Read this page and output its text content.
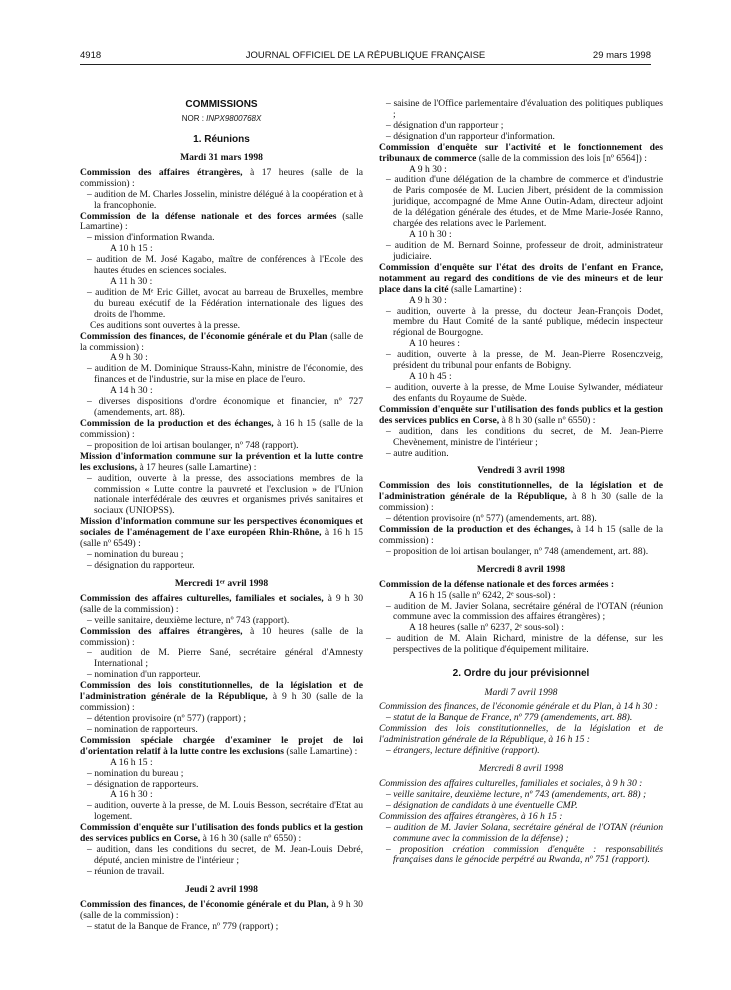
4918	JOURNAL OFFICIEL DE LA RÉPUBLIQUE FRANÇAISE	29 mars 1998
COMMISSIONS
NOR : INPX9800768X
1. Réunions
Mardi 31 mars 1998

Commission des affaires étrangères, à 17 heures (salle de la commission) :

– audition de M. Charles Josselin, ministre délégué à la coopération et à la francophonie.

Commission de la défense nationale et des forces armées (salle Lamartine) :

– mission d'information Rwanda.

A 10 h 15 :

– audition de M. José Kagabo, maître de conférences à l'Ecole des hautes études en sciences sociales.

A 11 h 30 :

– audition de Mᵉ Eric Gillet, avocat au barreau de Bruxelles, membre du bureau exécutif de la Fédération internationale des ligues des droits de l'homme.

Ces auditions sont ouvertes à la presse.

Commission des finances, de l'économie générale et du Plan (salle de la commission) :

A 9 h 30 :

– audition de M. Dominique Strauss-Kahn, ministre de l'économie, des finances et de l'industrie, sur la mise en place de l'euro.

A 14 h 30 :

– diverses dispositions d'ordre économique et financier, nº 727 (amendements, art. 88).

Commission de la production et des échanges, à 16 h 15 (salle de la commission) :

– proposition de loi artisan boulanger, nº 748 (rapport).

Mission d'information commune sur la prévention et la lutte contre les exclusions, à 17 heures (salle Lamartine) :

– audition, ouverte à la presse, des associations membres de la commission « Lutte contre la pauvreté et l'exclusion » de l'Union nationale interfédérale des œuvres et organismes privés sanitaires et sociaux (UNIOPSS).

Mission d'information commune sur les perspectives économiques et sociales de l'aménagement de l'axe européen Rhin-Rhône, à 16 h 15 (salle nº 6549) :

– nomination du bureau ;

– désignation du rapporteur.

Mercredi 1ᵉʳ avril 1998

Commission des affaires culturelles, familiales et sociales, à 9 h 30 (salle de la commission) :

– veille sanitaire, deuxième lecture, nº 743 (rapport).

Commission des affaires étrangères, à 10 heures (salle de la commission) :

– audition de M. Pierre Sané, secrétaire général d'Amnesty International ;

– nomination d'un rapporteur.

Commission des lois constitutionnelles, de la législation et de l'administration générale de la République, à 9 h 30 (salle de la commission) :

– détention provisoire (nº 577) (rapport) ;

– nomination de rapporteurs.

Commission spéciale chargée d'examiner le projet de loi d'orientation relatif à la lutte contre les exclusions (salle Lamartine) :

A 16 h 15 :

– nomination du bureau ;

– désignation de rapporteurs.

A 16 h 30 :

– audition, ouverte à la presse, de M. Louis Besson, secrétaire d'Etat au logement.

Commission d'enquête sur l'utilisation des fonds publics et la gestion des services publics en Corse, à 16 h 30 (salle nº 6550) :

– audition, dans les conditions du secret, de M. Jean-Louis Debré, député, ancien ministre de l'intérieur ;

– réunion de travail.

Jeudi 2 avril 1998

Commission des finances, de l'économie générale et du Plan, à 9 h 30 (salle de la commission) :

– statut de la Banque de France, nº 779 (rapport) ;

– saisine de l'Office parlementaire d'évaluation des politiques publiques ;

– désignation d'un rapporteur ;

– désignation d'un rapporteur d'information.

Commission d'enquête sur l'activité et le fonctionnement des tribunaux de commerce (salle de la commission des lois [nº 6564]) :

A 9 h 30 :

– audition d'une délégation de la chambre de commerce et d'industrie de Paris composée de M. Lucien Jibert, président de la commission juridique, accompagné de Mme Anne Outin-Adam, directeur adjoint de la délégation générale des études, et de Mme Marie-Josée Ranno, chargée des relations avec le Parlement.

A 10 h 30 :

– audition de M. Bernard Soinne, professeur de droit, administrateur judiciaire.

Commission d'enquête sur l'état des droits de l'enfant en France, notamment au regard des conditions de vie des mineurs et de leur place dans la cité (salle Lamartine) :

A 9 h 30 :

– audition, ouverte à la presse, du docteur Jean-François Dodet, membre du Haut Comité de la santé publique, médecin inspecteur régional de Bourgogne.

A 10 heures :

– audition, ouverte à la presse, de M. Jean-Pierre Rosenczveig, président du tribunal pour enfants de Bobigny.

A 10 h 45 :

– audition, ouverte à la presse, de Mme Louise Sylwander, médiateur des enfants du Royaume de Suède.

Commission d'enquête sur l'utilisation des fonds publics et la gestion des services publics en Corse, à 8 h 30 (salle nº 6550) :

– audition, dans les conditions du secret, de M. Jean-Pierre Chevènement, ministre de l'intérieur ;

– autre audition.

Vendredi 3 avril 1998

Commission des lois constitutionnelles, de la législation et de l'administration générale de la République, à 8 h 30 (salle de la commission) :

– détention provisoire (nº 577) (amendements, art. 88).

Commission de la production et des échanges, à 14 h 15 (salle de la commission) :

– proposition de loi artisan boulanger, nº 748 (amendement, art. 88).

Mercredi 8 avril 1998

Commission de la défense nationale et des forces armées :

A 16 h 15 (salle nº 6242, 2ᵉ sous-sol) :

– audition de M. Javier Solana, secrétaire général de l'OTAN (réunion commune avec la commission des affaires étrangères) ;

A 18 heures (salle nº 6237, 2ᵉ sous-sol) :

– audition de M. Alain Richard, ministre de la défense, sur les perspectives de la politique d'équipement militaire.

2. Ordre du jour prévisionnel
Mardi 7 avril 1998

Commission des finances, de l'économie générale et du Plan, à 14 h 30 :

– statut de la Banque de France, nº 779 (amendements, art. 88).

Commission des lois constitutionnelles, de la législation et de l'administration générale de la République, à 16 h 15 :

– étrangers, lecture définitive (rapport).

Mercredi 8 avril 1998

Commission des affaires culturelles, familiales et sociales, à 9 h 30 :

– veille sanitaire, deuxième lecture, nº 743 (amendements, art. 88) ;

– désignation de candidats à une éventuelle CMP.

Commission des affaires étrangères, à 16 h 15 :

– audition de M. Javier Solana, secrétaire général de l'OTAN (réunion commune avec la commission de la défense) ;

– proposition création commission d'enquête : responsabilités françaises dans le génocide perpétré au Rwanda, nº 751 (rapport).
